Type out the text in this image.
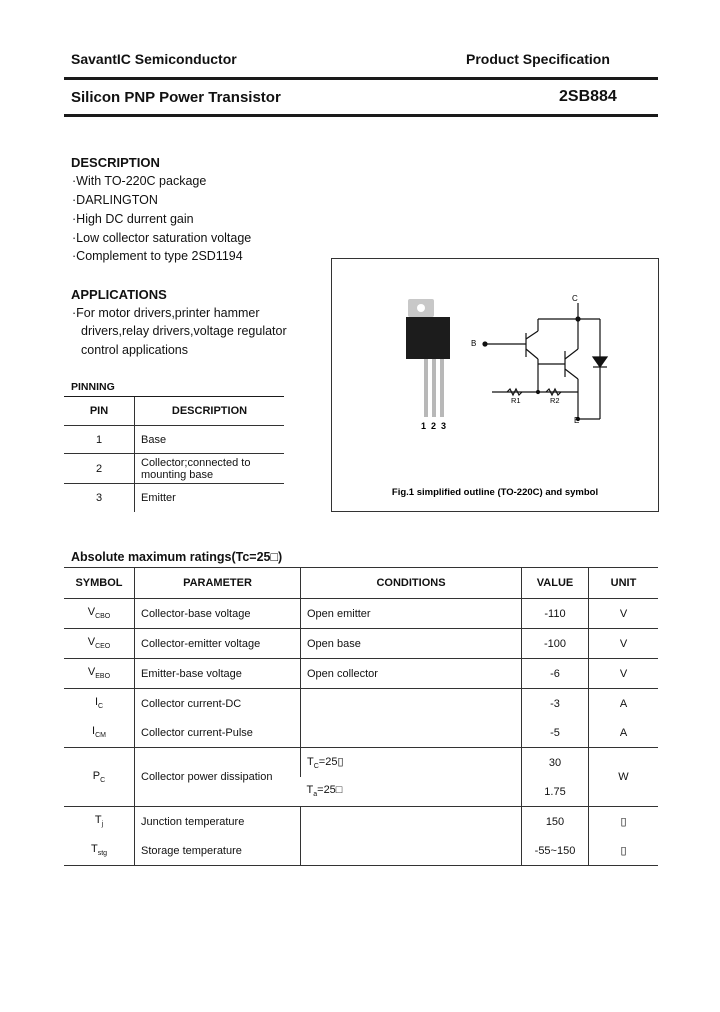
SavantIC Semiconductor	Product Specification
Silicon PNP Power Transistor	2SB884
DESCRIPTION
·With TO-220C package
·DARLINGTON
·High DC durrent gain
·Low collector saturation voltage
·Complement to type 2SD1194
APPLICATIONS
·For motor drivers,printer hammer
drivers,relay drivers,voltage regulator
control applications
PINNING
PIN	DESCRIPTION
1	Base
2	Collector;connected to mounting base
3	Emitter
C
B
E
R1	R2
1  2  3
Fig.1 simplified outline (TO-220C) and symbol
Absolute maximum ratings(Tc=25□)
SYMBOL	PARAMETER	CONDITIONS	VALUE	UNIT
$V_{CBO}$	Collector-base voltage	Open emitter	-110	V
$V_{CEO}$	Collector-emitter voltage	Open base	-100	V
$V_{EBO}$	Emitter-base voltage	Open collector	-6	V
$I_C$	Collector current-DC		-3	A
$I_{CM}$	Collector current-Pulse		-5	A
$P_C$	Collector power dissipation	$T_C=25▯$	30	W
		$T_a=25□$	1.75	
$T_j$	Junction temperature		150	▯
$T_{stg}$	Storage temperature		-55~150	▯
